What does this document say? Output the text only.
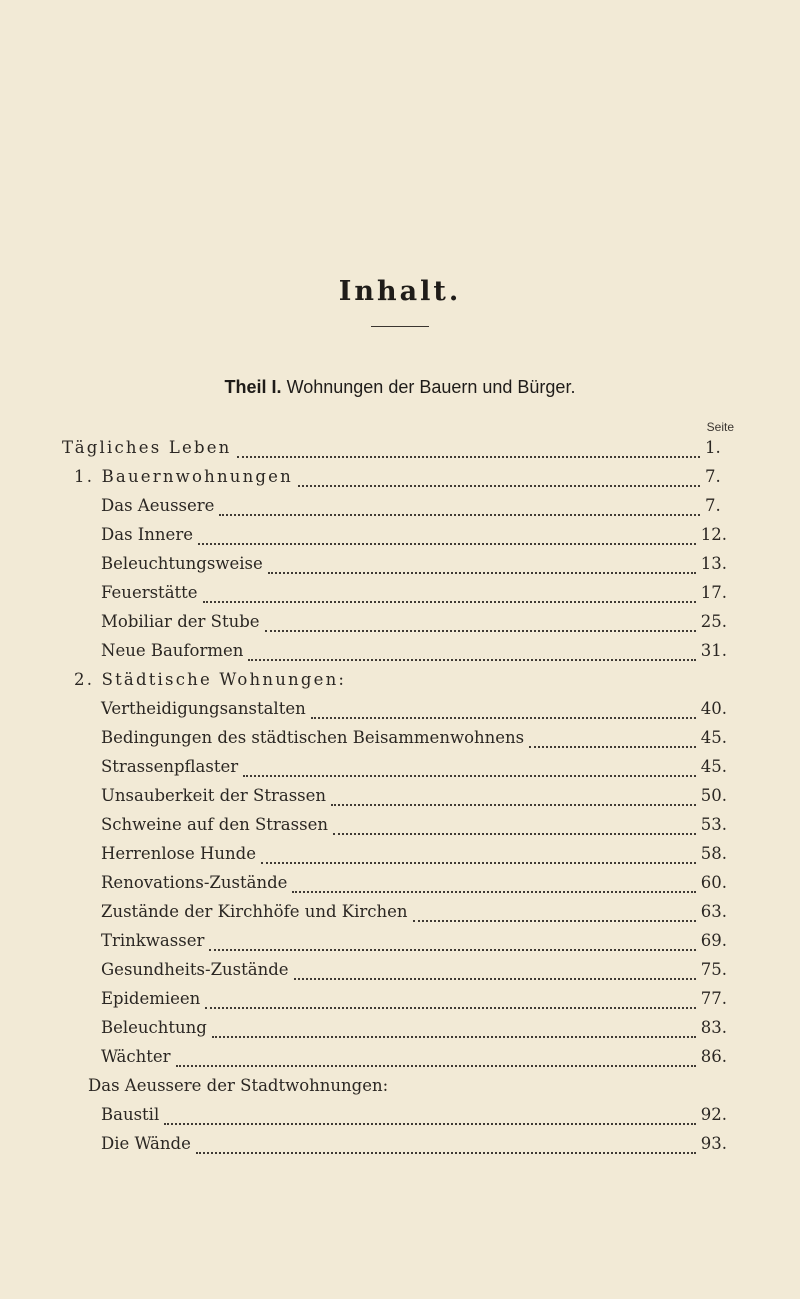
Inhalt.
Theil I. Wohnungen der Bauern und Bürger.
Seite
Tägliches Leben	1.
1. Bauernwohnungen	7.
Das Aeussere	7.
Das Innere	12.
Beleuchtungsweise	13.
Feuerstätte	17.
Mobiliar der Stube	25.
Neue Bauformen	31.
2. Städtische Wohnungen:
Vertheidigungsanstalten	40.
Bedingungen des städtischen Beisammenwohnens	45.
Strassenpflaster	45.
Unsauberkeit der Strassen	50.
Schweine auf den Strassen	53.
Herrenlose Hunde	58.
Renovations-Zustände	60.
Zustände der Kirchhöfe und Kirchen	63.
Trinkwasser	69.
Gesundheits-Zustände	75.
Epidemieen	77.
Beleuchtung	83.
Wächter	86.
Das Aeussere der Stadtwohnungen:
Baustil	92.
Die Wände	93.
